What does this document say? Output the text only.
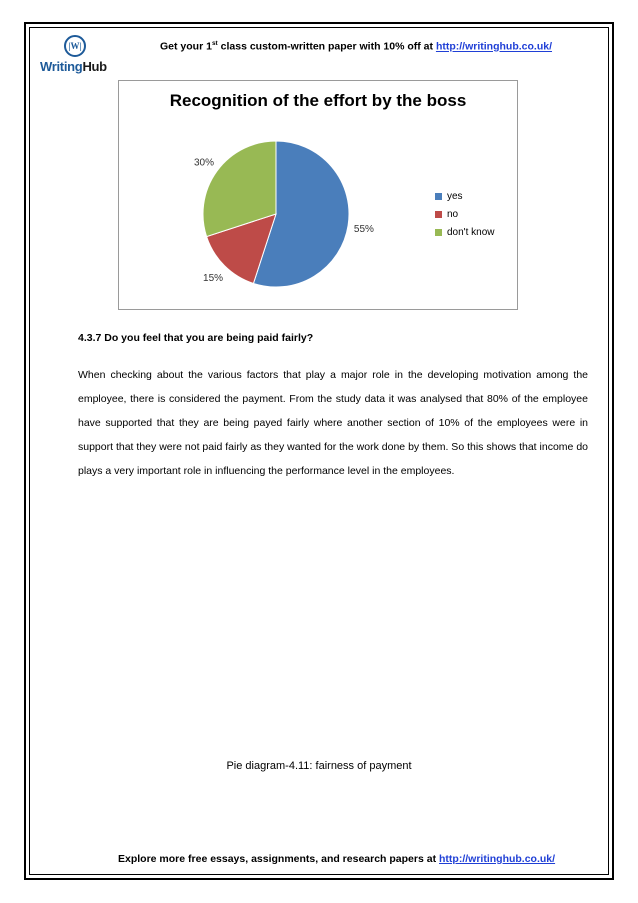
|W|
WritingHub
Get your 1st class custom-written paper with 10% off at http://writinghub.co.uk/
Recognition of the effort by the boss
55%
15%
30%
yes
no
don't know
4.3.7 Do you feel that you are being paid fairly?
When checking about the various factors that play a major role in the developing motivation among the employee, there is considered the payment. From the study data it was analysed that 80% of the employee have supported that they are being payed fairly where another section of 10% of the employees were in support that they were not paid fairly as they wanted for the work done by them. So this shows that income do plays a very important role in influencing the performance level in the employees.
Pie diagram-4.11: fairness of payment
Explore more free essays, assignments, and research papers at http://writinghub.co.uk/
